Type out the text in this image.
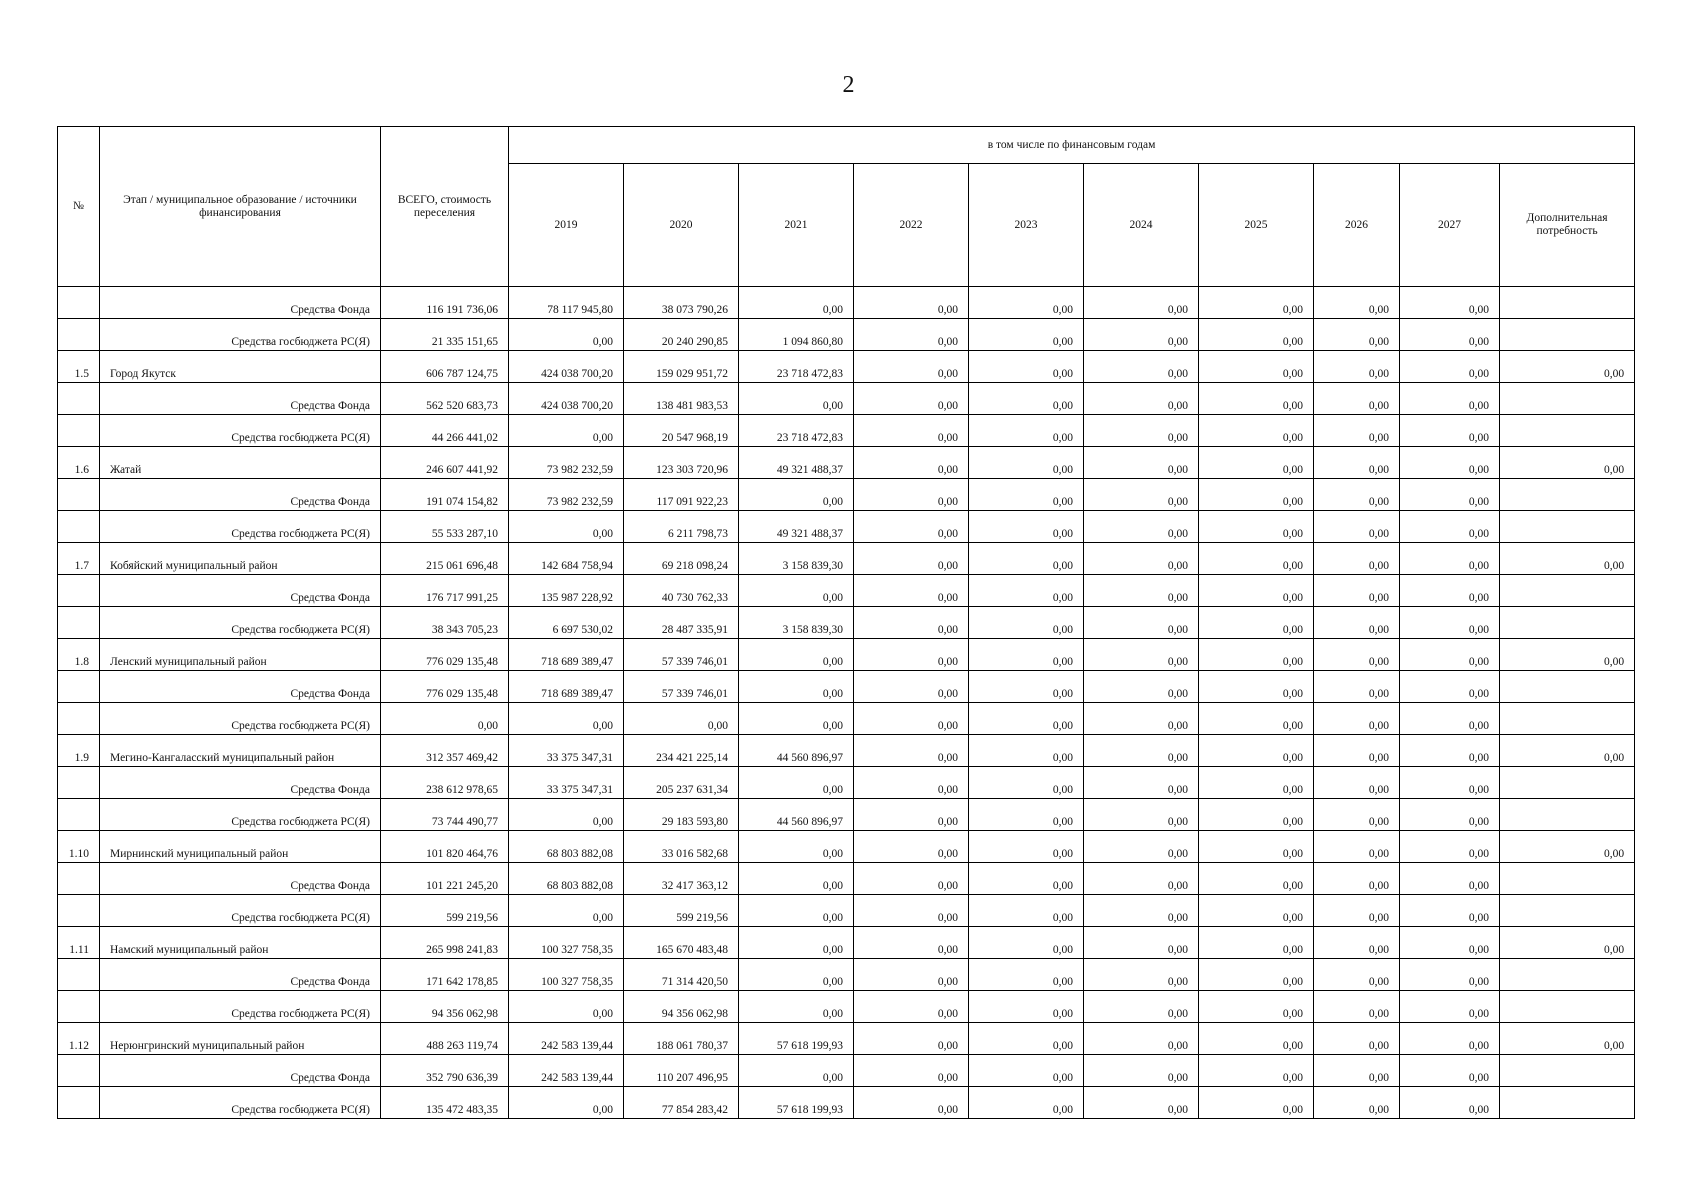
2
№	Этап / муниципальное образование / источники финансирования	ВСЕГО, стоимость переселения	в том числе по финансовым годам									
			2019	2020	2021	2022	2023	2024	2025	2026	2027	Дополнительная потребность
	Средства Фонда	116 191 736,06	78 117 945,80	38 073 790,26	0,00	0,00	0,00	0,00	0,00	0,00	0,00	
	Средства госбюджета РС(Я)	21 335 151,65	0,00	20 240 290,85	1 094 860,80	0,00	0,00	0,00	0,00	0,00	0,00	
1.5	Город Якутск	606 787 124,75	424 038 700,20	159 029 951,72	23 718 472,83	0,00	0,00	0,00	0,00	0,00	0,00	0,00
	Средства Фонда	562 520 683,73	424 038 700,20	138 481 983,53	0,00	0,00	0,00	0,00	0,00	0,00	0,00	
	Средства госбюджета РС(Я)	44 266 441,02	0,00	20 547 968,19	23 718 472,83	0,00	0,00	0,00	0,00	0,00	0,00	
1.6	Жатай	246 607 441,92	73 982 232,59	123 303 720,96	49 321 488,37	0,00	0,00	0,00	0,00	0,00	0,00	0,00
	Средства Фонда	191 074 154,82	73 982 232,59	117 091 922,23	0,00	0,00	0,00	0,00	0,00	0,00	0,00	
	Средства госбюджета РС(Я)	55 533 287,10	0,00	6 211 798,73	49 321 488,37	0,00	0,00	0,00	0,00	0,00	0,00	
1.7	Кобяйский муниципальный район	215 061 696,48	142 684 758,94	69 218 098,24	3 158 839,30	0,00	0,00	0,00	0,00	0,00	0,00	0,00
	Средства Фонда	176 717 991,25	135 987 228,92	40 730 762,33	0,00	0,00	0,00	0,00	0,00	0,00	0,00	
	Средства госбюджета РС(Я)	38 343 705,23	6 697 530,02	28 487 335,91	3 158 839,30	0,00	0,00	0,00	0,00	0,00	0,00	
1.8	Ленский муниципальный район	776 029 135,48	718 689 389,47	57 339 746,01	0,00	0,00	0,00	0,00	0,00	0,00	0,00	0,00
	Средства Фонда	776 029 135,48	718 689 389,47	57 339 746,01	0,00	0,00	0,00	0,00	0,00	0,00	0,00	
	Средства госбюджета РС(Я)	0,00	0,00	0,00	0,00	0,00	0,00	0,00	0,00	0,00	0,00	
1.9	Мегино-Кангаласский муниципальный район	312 357 469,42	33 375 347,31	234 421 225,14	44 560 896,97	0,00	0,00	0,00	0,00	0,00	0,00	0,00
	Средства Фонда	238 612 978,65	33 375 347,31	205 237 631,34	0,00	0,00	0,00	0,00	0,00	0,00	0,00	
	Средства госбюджета РС(Я)	73 744 490,77	0,00	29 183 593,80	44 560 896,97	0,00	0,00	0,00	0,00	0,00	0,00	
1.10	Мирнинский муниципальный район	101 820 464,76	68 803 882,08	33 016 582,68	0,00	0,00	0,00	0,00	0,00	0,00	0,00	0,00
	Средства Фонда	101 221 245,20	68 803 882,08	32 417 363,12	0,00	0,00	0,00	0,00	0,00	0,00	0,00	
	Средства госбюджета РС(Я)	599 219,56	0,00	599 219,56	0,00	0,00	0,00	0,00	0,00	0,00	0,00	
1.11	Намский муниципальный район	265 998 241,83	100 327 758,35	165 670 483,48	0,00	0,00	0,00	0,00	0,00	0,00	0,00	0,00
	Средства Фонда	171 642 178,85	100 327 758,35	71 314 420,50	0,00	0,00	0,00	0,00	0,00	0,00	0,00	
	Средства госбюджета РС(Я)	94 356 062,98	0,00	94 356 062,98	0,00	0,00	0,00	0,00	0,00	0,00	0,00	
1.12	Нерюнгринский муниципальный район	488 263 119,74	242 583 139,44	188 061 780,37	57 618 199,93	0,00	0,00	0,00	0,00	0,00	0,00	0,00
	Средства Фонда	352 790 636,39	242 583 139,44	110 207 496,95	0,00	0,00	0,00	0,00	0,00	0,00	0,00	
	Средства госбюджета РС(Я)	135 472 483,35	0,00	77 854 283,42	57 618 199,93	0,00	0,00	0,00	0,00	0,00	0,00	
